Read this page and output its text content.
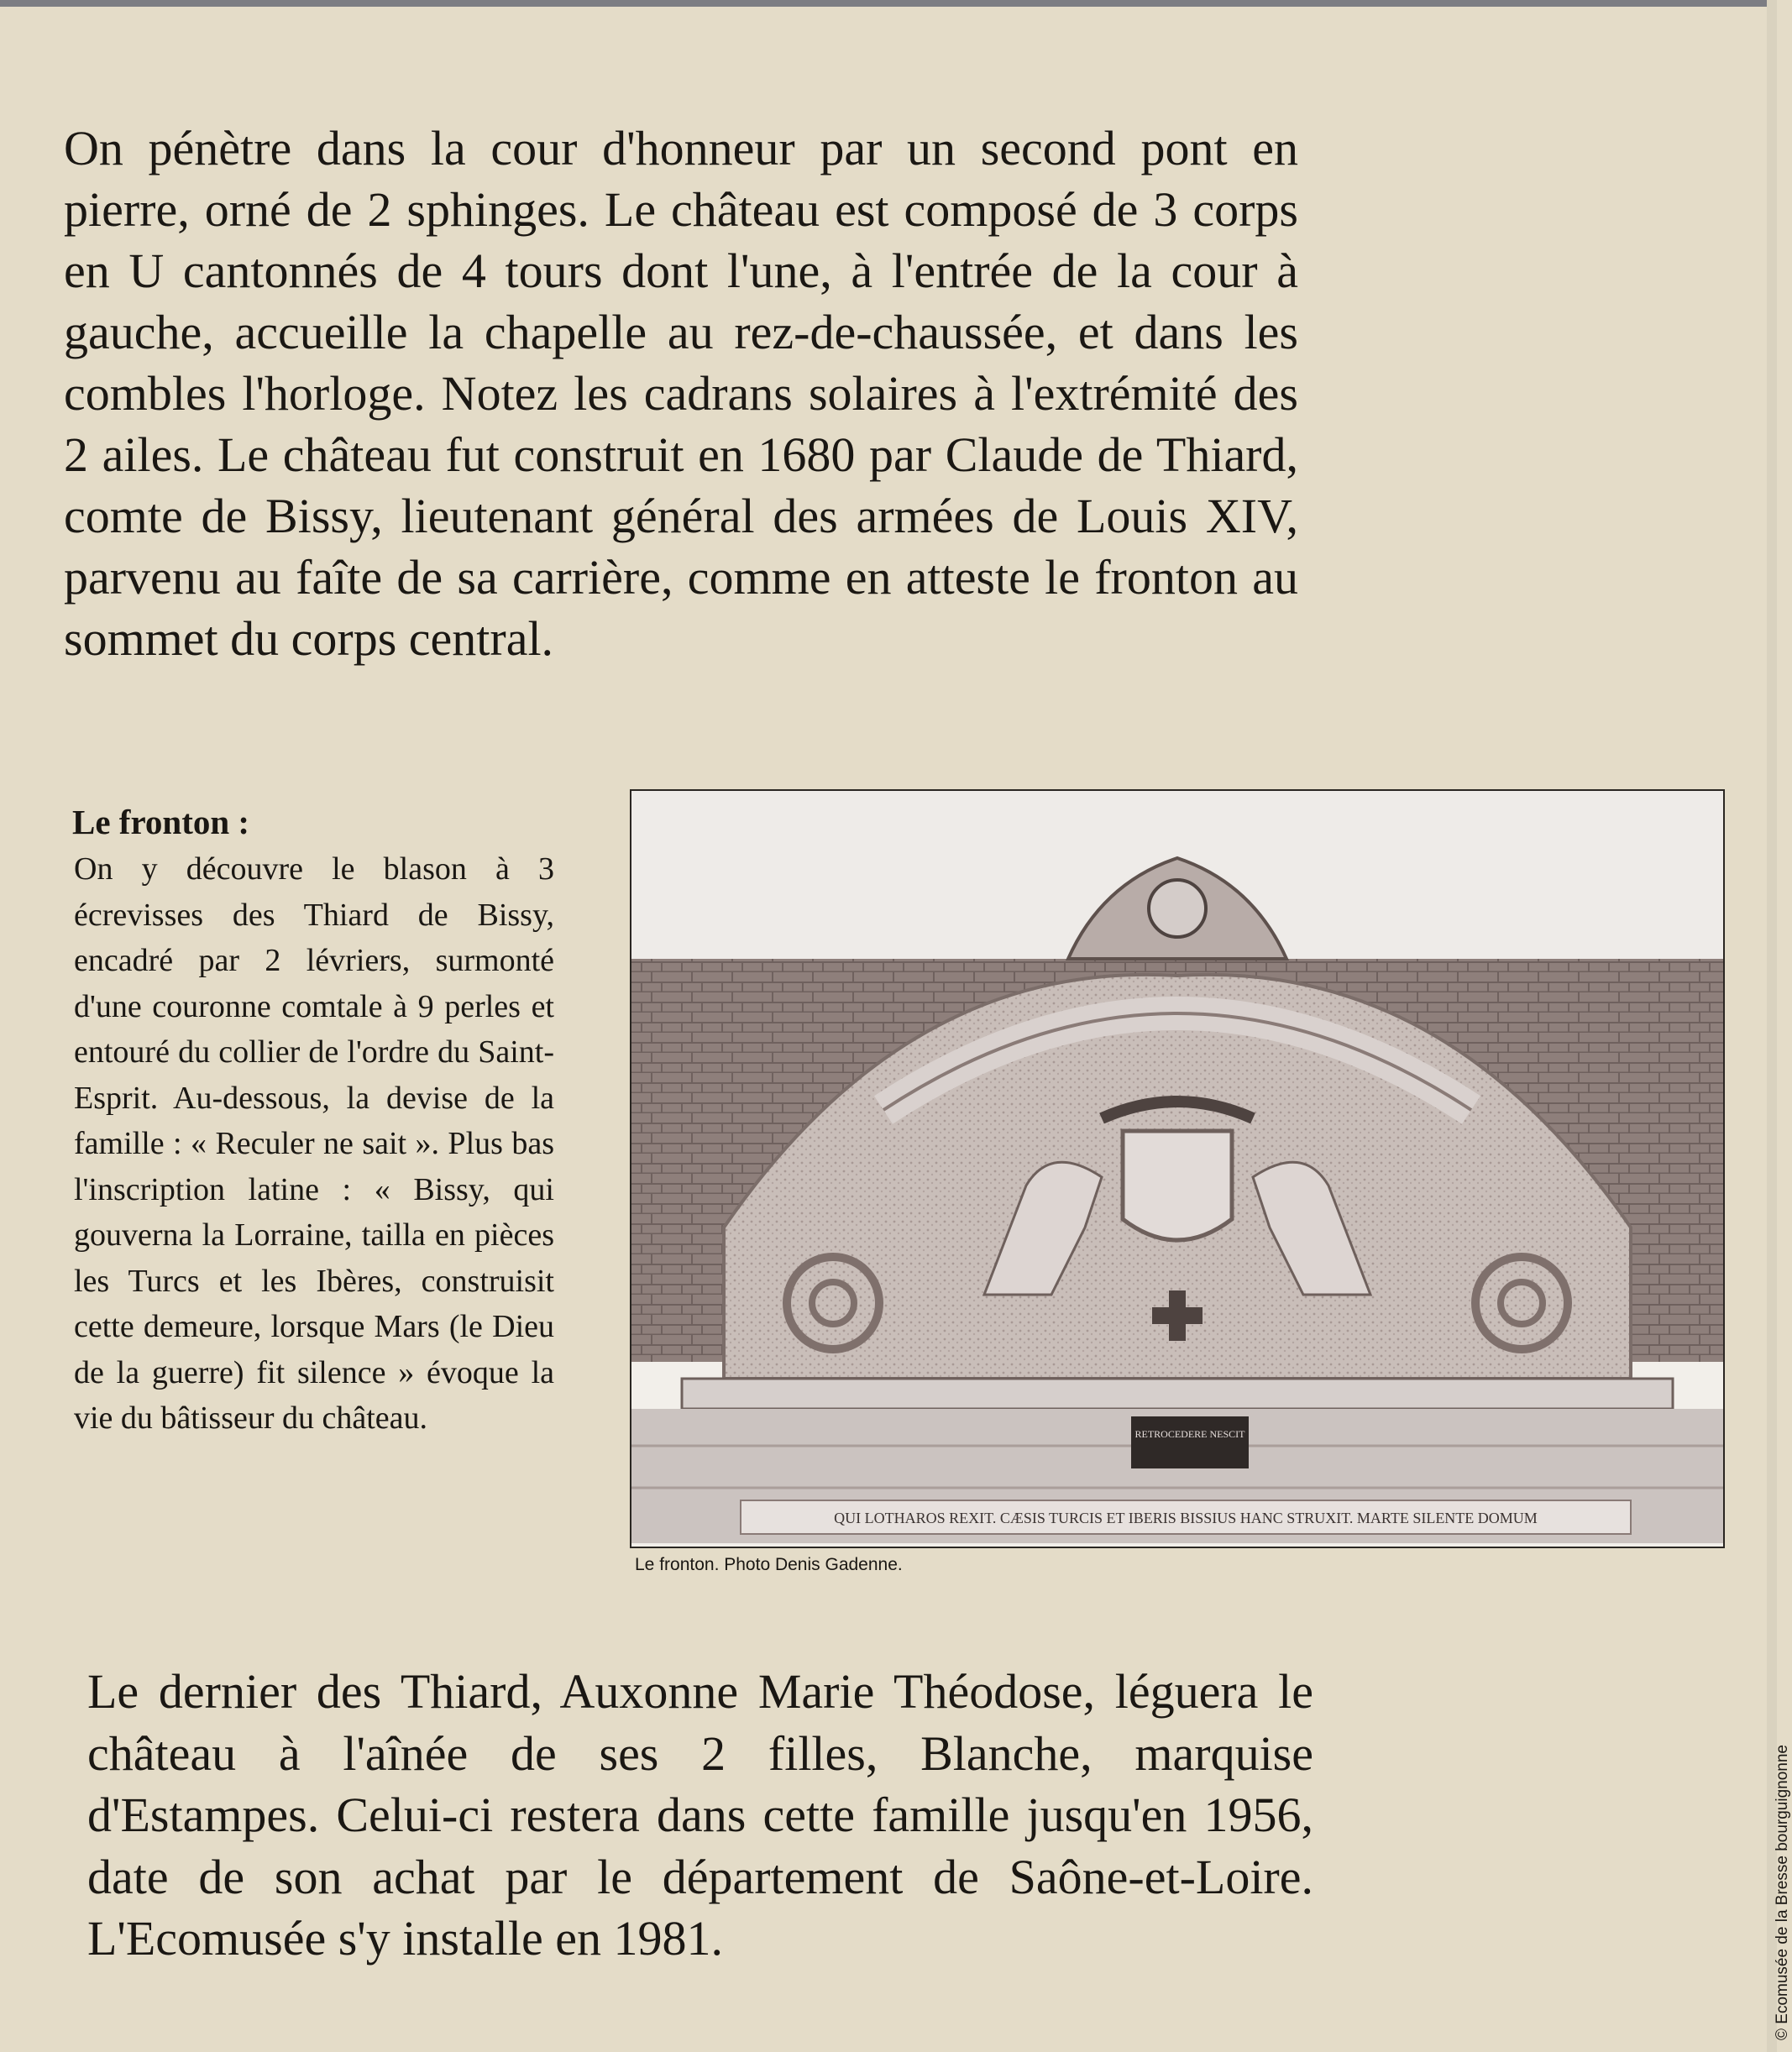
On pénètre dans la cour d'honneur par un second pont en pierre, orné de 2 sphinges. Le château est composé de 3 corps en U cantonnés de 4 tours dont l'une, à l'entrée de la cour à gauche, accueille la chapelle au rez-de-chaussée, et dans les combles l'horloge. Notez les cadrans solaires à l'extrémité des 2 ailes. Le château fut construit en 1680 par Claude de Thiard, comte de Bissy, lieutenant général des armées de Louis XIV, parvenu au faîte de sa carrière, comme en atteste le fronton au sommet du corps central.

Le fronton :

On y découvre le blason à 3 écrevisses des Thiard de Bissy, encadré par 2 lévriers, surmonté d'une couronne comtale à 9 perles et entouré du collier de l'ordre du Saint-Esprit. Au-dessous, la devise de la famille : « Reculer ne sait ». Plus bas l'inscription latine : « Bissy, qui gouverna la Lorraine, tailla en pièces les Turcs et les Ibères, construisit cette demeure, lorsque Mars (le Dieu de la guerre) fit silence » évoque la vie du bâtisseur du château.	RETROCEDERE NESCIT
QUI LOTHAROS REXIT. CÆSIS TURCIS ET IBERIS BISSIUS HANC STRUXIT. MARTE SILENTE DOMUM

Le fronton. Photo Denis Gadenne.

Le dernier des Thiard, Auxonne Marie Théodose, léguera le château à l'aînée de ses 2 filles, Blanche, marquise d'Estampes. Celui-ci restera dans cette famille jusqu'en 1956, date de son achat par le département de Saône-et-Loire. L'Ecomusée s'y installe en 1981.	© Ecomusée de la Bresse bourguignonne
